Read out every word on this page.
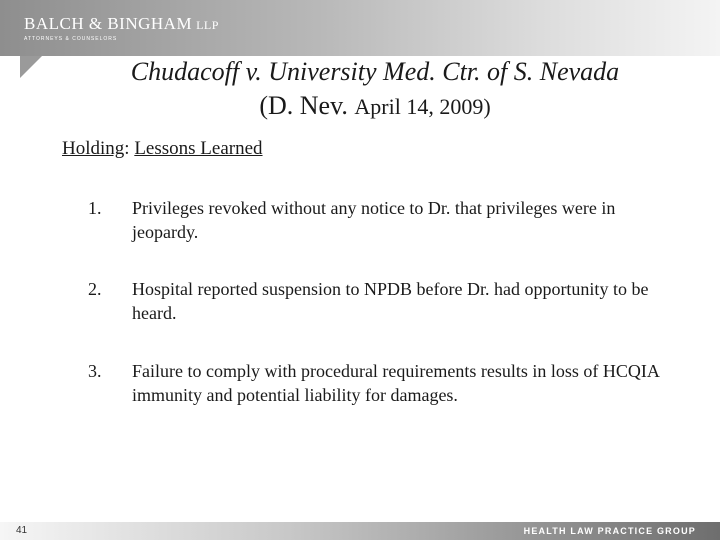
BALCH & BINGHAM LLP
ATTORNEYS & COUNSELORS
Chudacoff v. University Med. Ctr. of S. Nevada
(D. Nev. April 14, 2009)
Holding: Lessons Learned
1. Privileges revoked without any notice to Dr. that privileges were in jeopardy.
2. Hospital reported suspension to NPDB before Dr. had opportunity to be heard.
3. Failure to comply with procedural requirements results in loss of HCQIA immunity and potential liability for damages.
41	HEALTH LAW PRACTICE GROUP
